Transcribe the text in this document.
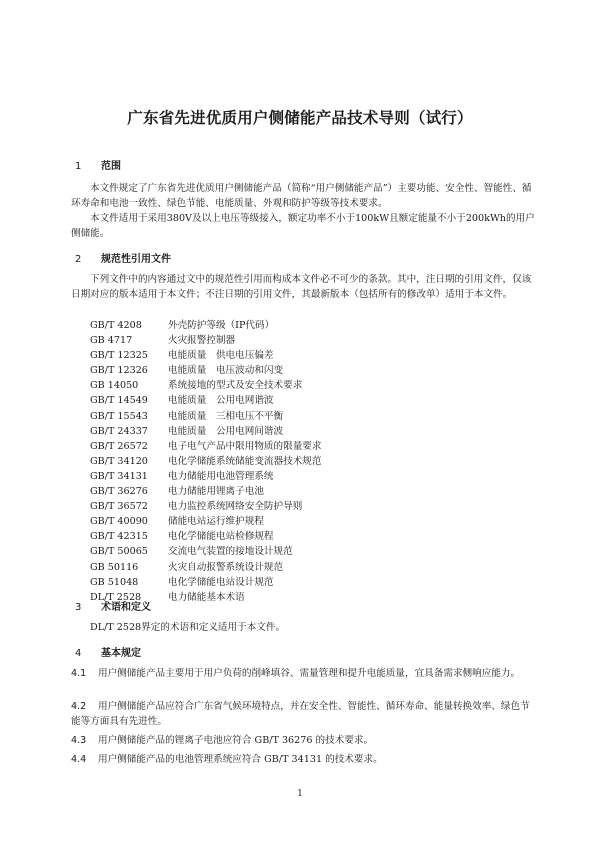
广东省先进优质用户侧储能产品技术导则（试行）
1 范围
本文件规定了广东省先进优质用户侧储能产品（简称“用户侧储能产品”）主要功能、安全性、智能性、循环寿命和电池一致性、绿色节能、电能质量、外观和防护等级等技术要求。
本文件适用于采用380V及以上电压等级接入，额定功率不小于100kW且额定能量不小于200kWh的用户侧储能。
2 规范性引用文件
下列文件中的内容通过文中的规范性引用而构成本文件必不可少的条款。其中，注日期的引用文件，仅该日期对应的版本适用于本文件；不注日期的引用文件，其最新版本（包括所有的修改单）适用于本文件。
GB/T 4208	外壳防护等级（IP代码）
GB 4717	火灾报警控制器
GB/T 12325 电能质量　供电电压偏差
GB/T 12326 电能质量　电压波动和闪变
GB 14050	系统接地的型式及安全技术要求
GB/T 14549 电能质量　公用电网谐波
GB/T 15543 电能质量　三相电压不平衡
GB/T 24337 电能质量　公用电网间谐波
GB/T 26572 电子电气产品中限用物质的限量要求
GB/T 34120 电化学储能系统储能变流器技术规范
GB/T 34131 电力储能用电池管理系统
GB/T 36276 电力储能用锂离子电池
GB/T 36572 电力监控系统网络安全防护导则
GB/T 40090 储能电站运行维护规程
GB/T 42315 电化学储能电站检修规程
GB/T 50065 交流电气装置的接地设计规范
GB 50116	火灾自动报警系统设计规范
GB 51048	电化学储能电站设计规范
DL/T 2528	电力储能基本术语
3 术语和定义
DL/T 2528界定的术语和定义适用于本文件。
4 基本规定
4.1 用户侧储能产品主要用于用户负荷的削峰填谷、需量管理和提升电能质量，宜具备需求侧响应能力。
4.2 用户侧储能产品应符合广东省气候环境特点，并在安全性、智能性、循环寿命、能量转换效率、绿色节能等方面具有先进性。
4.3 用户侧储能产品的锂离子电池应符合 GB/T 36276 的技术要求。
4.4 用户侧储能产品的电池管理系统应符合 GB/T 34131 的技术要求。
1
